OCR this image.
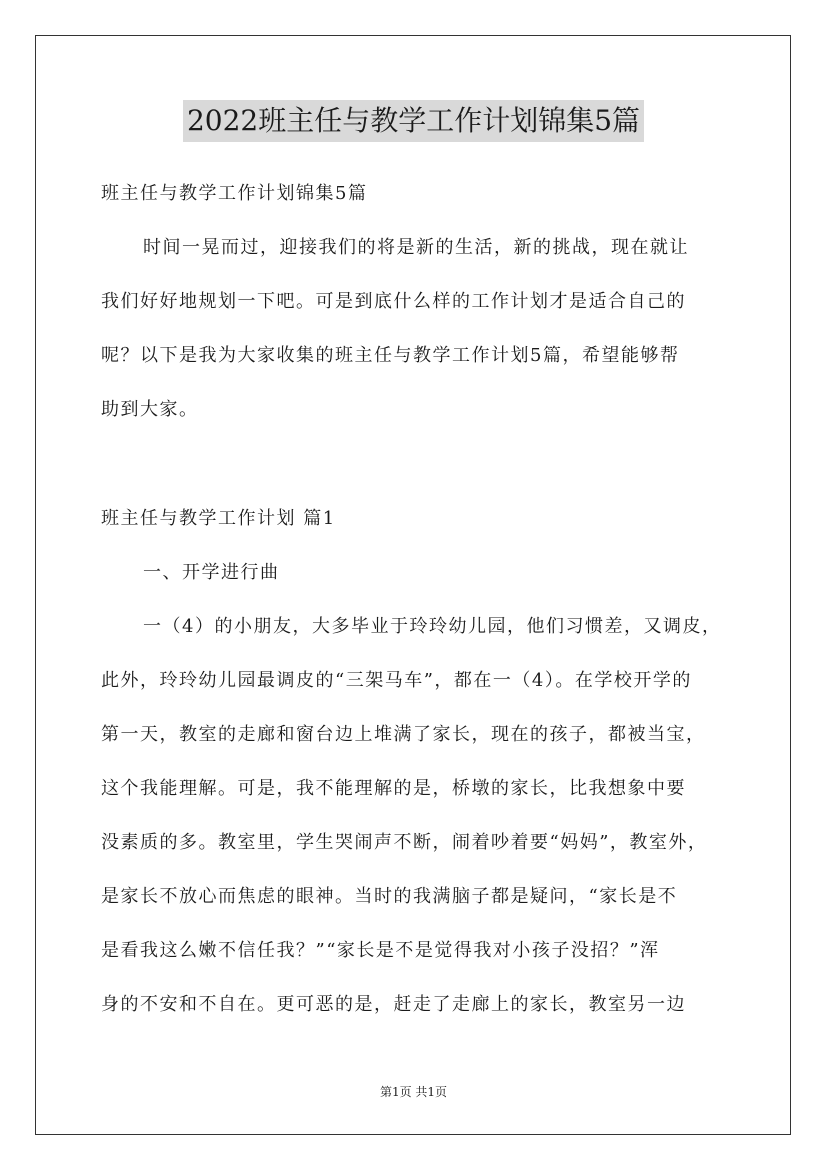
2022班主任与教学工作计划锦集5篇
班主任与教学工作计划锦集5篇
时间一晃而过，迎接我们的将是新的生活，新的挑战，现在就让
我们好好地规划一下吧。可是到底什么样的工作计划才是适合自己的
呢？以下是我为大家收集的班主任与教学工作计划5篇，希望能够帮
助到大家。
班主任与教学工作计划 篇1
一、开学进行曲
一（4）的小朋友，大多毕业于玲玲幼儿园，他们习惯差，又调皮，
此外，玲玲幼儿园最调皮的“三架马车”，都在一（4）。在学校开学的
第一天，教室的走廊和窗台边上堆满了家长，现在的孩子，都被当宝，
这个我能理解。可是，我不能理解的是，桥墩的家长，比我想象中要
没素质的多。教室里，学生哭闹声不断，闹着吵着要“妈妈”，教室外，
是家长不放心而焦虑的眼神。当时的我满脑子都是疑问，“家长是不
是看我这么嫩不信任我？”“家长是不是觉得我对小孩子没招？”浑
身的不安和不自在。更可恶的是，赶走了走廊上的家长，教室另一边
第1页 共1页
